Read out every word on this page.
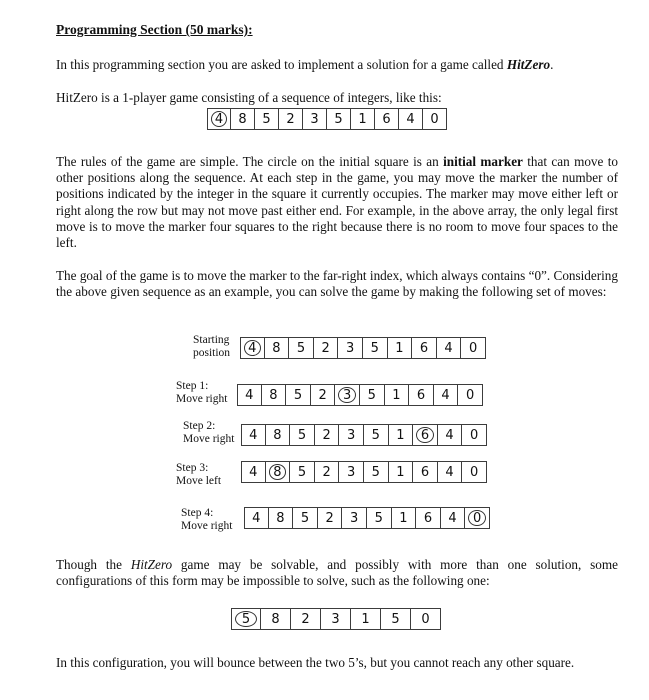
Programming Section (50 marks):

In this programming section you are asked to implement a solution for a game called HitZero.

HitZero is a 1-player game consisting of a sequence of integers, like this:

4 8 5 2 3 5 1 6 4 0

The rules of the game are simple. The circle on the initial square is an initial marker that can move to other positions along the sequence. At each step in the game, you may move the marker the number of positions indicated by the integer in the square it currently occupies. The marker may move either left or right along the row but may not move past either end. For example, in the above array, the only legal first move is to move the marker four squares to the right because there is no room to move four spaces to the left.

The goal of the game is to move the marker to the far-right index, which always contains “0”. Considering the above given sequence as an example, you can solve the game by making the following set of moves:

Starting
position 4 8 5 2 3 5 1 6 4 0
Step 1:
Move right 4 8 5 2 3 5 1 6 4 0
Step 2:
Move right 4 8 5 2 3 5 1 6 4 0
Step 3:
Move left
4 8 5 2 3 5 1 6 4 0
Step 4:
Move right 4 8 5 2 3 5 1 6 4 0

Though the HitZero game may be solvable, and possibly with more than one solution, some configurations of this form may be impossible to solve, such as the following one:

5 8 2 3 1 5 0

In this configuration, you will bounce between the two 5’s, but you cannot reach any other square.
